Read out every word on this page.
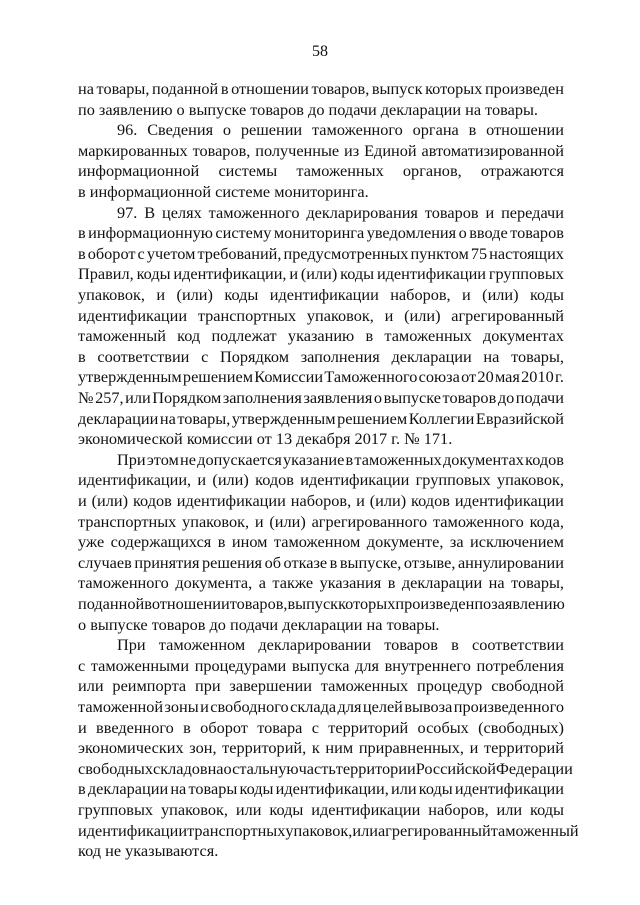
58
на товары, поданной в отношении товаров, выпуск которых произведен
по заявлению о выпуске товаров до подачи декларации на товары.
96. Сведения о решении таможенного органа в отношении
маркированных товаров, полученные из Единой автоматизированной
информационной системы таможенных органов, отражаются
в информационной системе мониторинга.
97. В целях таможенного декларирования товаров и передачи
в информационную систему мониторинга уведомления о вводе товаров
в оборот с учетом требований, предусмотренных пунктом 75 настоящих
Правил, коды идентификации, и (или) коды идентификации групповых
упаковок, и (или) коды идентификации наборов, и (или) коды
идентификации транспортных упаковок, и (или) агрегированный
таможенный код подлежат указанию в таможенных документах
в соответствии с Порядком заполнения декларации на товары,
утвержденным решением Комиссии Таможенного союза от 20 мая 2010 г.
№ 257, или Порядком заполнения заявления о выпуске товаров до подачи
декларации на товары, утвержденным решением Коллегии Евразийской
экономической комиссии от 13 декабря 2017 г. № 171.
При этом не допускается указание в таможенных документах кодов
идентификации, и (или) кодов идентификации групповых упаковок,
и (или) кодов идентификации наборов, и (или) кодов идентификации
транспортных упаковок, и (или) агрегированного таможенного кода,
уже содержащихся в ином таможенном документе, за исключением
случаев принятия решения об отказе в выпуске, отзыве, аннулировании
таможенного документа, а также указания в декларации на товары,
поданной в отношении товаров, выпуск которых произведен по заявлению
о выпуске товаров до подачи декларации на товары.
При таможенном декларировании товаров в соответствии
с таможенными процедурами выпуска для внутреннего потребления
или реимпорта при завершении таможенных процедур свободной
таможенной зоны и свободного склада для целей вывоза произведенного
и введенного в оборот товара с территорий особых (свободных)
экономических зон, территорий, к ним приравненных, и территорий
свободных складов на остальную часть территории Российской Федерации
в декларации на товары коды идентификации, или коды идентификации
групповых упаковок, или коды идентификации наборов, или коды
идентификации транспортных упаковок, или агрегированный таможенный
код не указываются.
